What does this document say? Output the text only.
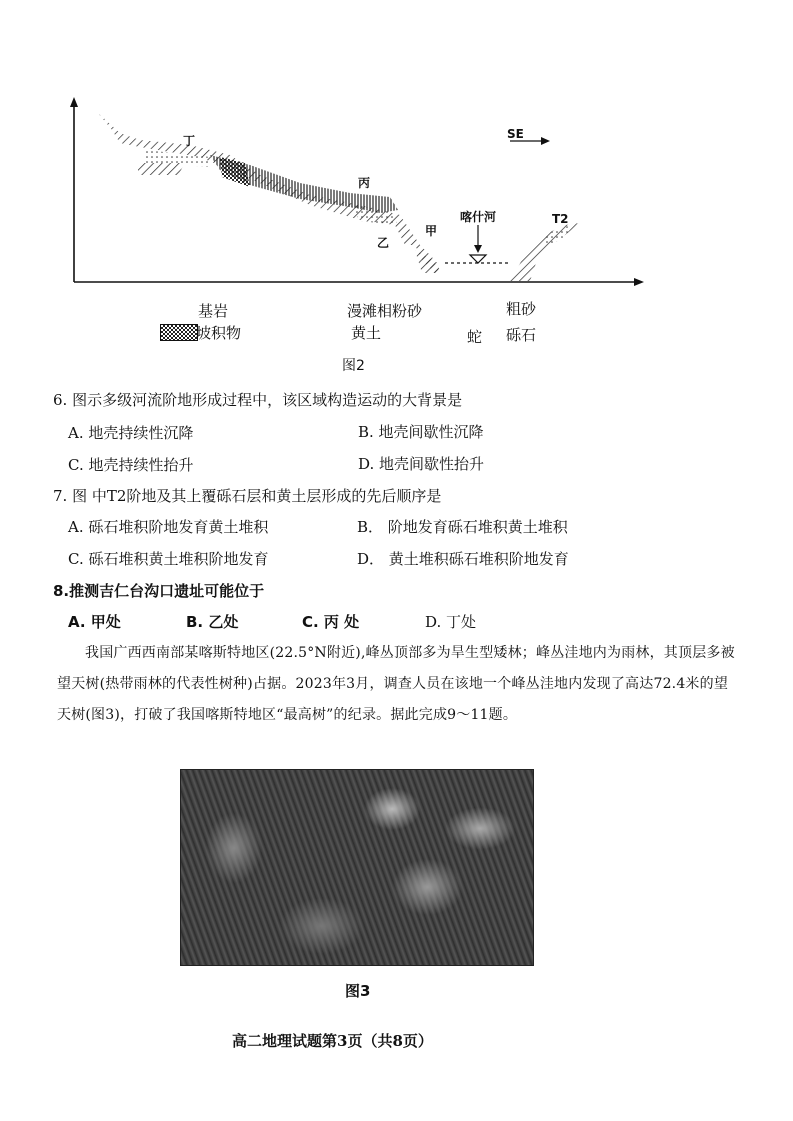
丁
丙
乙
甲
喀什河	T2
SE
基岩
坡积物
漫滩相粉砂
黄土	蛇
粗砂
砾石
图2
6. 图示多级河流阶地形成过程中，该区域构造运动的大背景是
A. 地壳持续性沉降	B. 地壳间歇性沉降
C. 地壳持续性抬升	D. 地壳间歇性抬升
7. 图 中T2阶地及其上覆砾石层和黄土层形成的先后顺序是
A. 砾石堆积阶地发育黄土堆积	B． 阶地发育砾石堆积黄土堆积
C. 砾石堆积黄土堆积阶地发育	D． 黄土堆积砾石堆积阶地发育
8.推测吉仁台沟口遗址可能位于
A. 甲处	B. 乙处	C. 丙 处	D. 丁处
我国广西西南部某喀斯特地区(22.5°N附近),峰丛顶部多为旱生型矮林；峰丛洼地内为雨林，其顶层多被望天树(热带雨林的代表性树种)占据。2023年3月，调查人员在该地一个峰丛洼地内发现了高达72.4米的望天树(图3)，打破了我国喀斯特地区“最高树”的纪录。据此完成9～11题。
图3
高二地理试题第3页（共8页）
